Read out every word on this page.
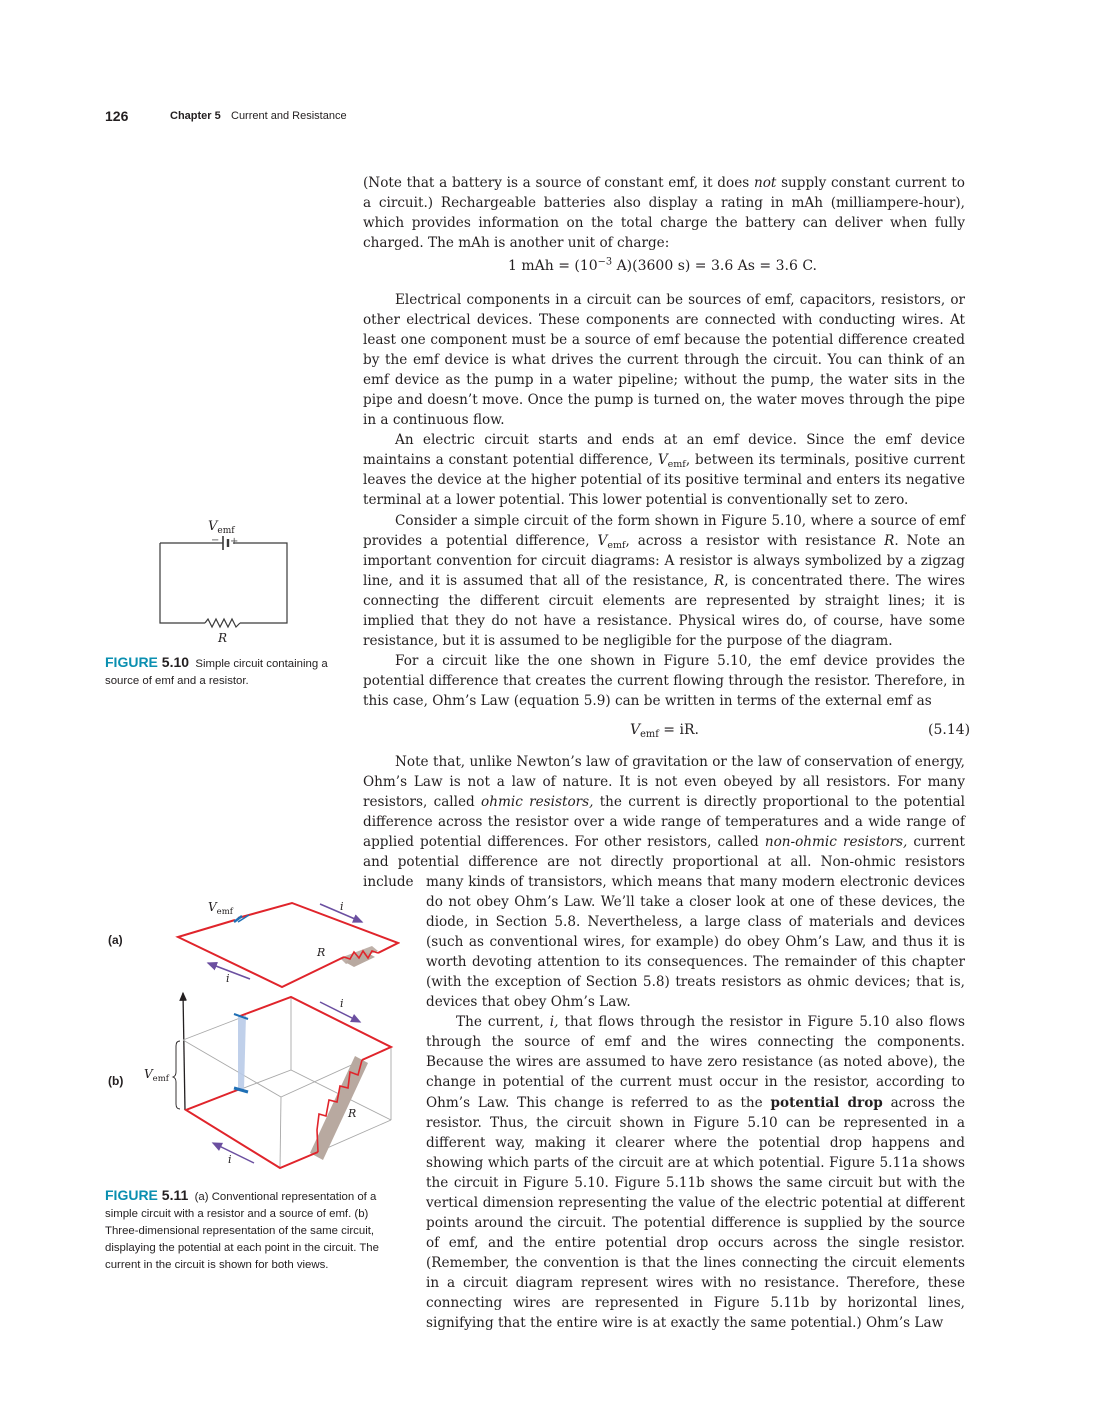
126	Chapter 5 Current and Resistance

(Note that a battery is a source of constant emf, it does not supply constant current to a circuit.) Rechargeable batteries also display a rating in mAh (milliampere-hour), which provides information on the total charge the battery can deliver when fully charged. The mAh is another unit of charge:

1 mAh = ($10^{-3}$ A)(3600 s) = 3.6 As = 3.6 C.

Electrical components in a circuit can be sources of emf, capacitors, resistors, or other electrical devices. These components are connected with conducting wires. At least one component must be a source of emf because the potential difference created by the emf device is what drives the current through the circuit. You can think of an emf device as the pump in a water pipeline; without the pump, the water sits in the pipe and doesn’t move. Once the pump is turned on, the water moves through the pipe in a continuous flow.

An electric circuit starts and ends at an emf device. Since the emf device maintains a constant potential difference, $V_{emf}$, between its terminals, positive current leaves the device at the higher potential of its positive terminal and enters its negative terminal at a lower potential. This lower potential is conventionally set to zero.

Consider a simple circuit of the form shown in Figure 5.10, where a source of emf provides a potential difference, $V_{emf}$, across a resistor with resistance R. Note an important convention for circuit diagrams: A resistor is always symbolized by a zigzag line, and it is assumed that all of the resistance, R, is concentrated there. The wires connecting the different circuit elements are represented by straight lines; it is implied that they do not have a resistance. Physical wires do, of course, have some resistance, but it is assumed to be negligible for the purpose of the diagram.

For a circuit like the one shown in Figure 5.10, the emf device provides the potential difference that creates the current flowing through the resistor. Therefore, in this case, Ohm’s Law (equation 5.9) can be written in terms of the external emf as

$V_{emf}$ = iR.	(5.14)

Note that, unlike Newton’s law of gravitation or the law of conservation of energy, Ohm’s Law is not a law of nature. It is not even obeyed by all resistors. For many resistors, called ohmic resistors, the current is directly proportional to the potential difference across the resistor over a wide range of temperatures and a wide range of applied potential differences. For other resistors, called non-ohmic resistors, current and potential difference are not directly proportional at all. Non-ohmic resistors include many kinds of transistors, which means that many modern electronic devices do not obey Ohm’s Law. We’ll take a closer look at one of these devices, the diode, in Section 5.8. Nevertheless, a large class of materials and devices (such as conventional wires, for example) do obey Ohm’s Law, and thus it is worth devoting attention to its consequences. The remainder of this chapter (with the exception of Section 5.8) treats resistors as ohmic devices; that is, devices that obey Ohm’s Law.

The current, i, that flows through the resistor in Figure 5.10 also flows through the source of emf and the wires connecting the components. Because the wires are assumed to have zero resistance (as noted above), the change in potential of the current must occur in the resistor, according to Ohm’s Law. This change is referred to as the potential drop across the resistor. Thus, the circuit shown in Figure 5.10 can be represented in a different way, making it clearer where the potential drop happens and showing which parts of the circuit are at which potential. Figure 5.11a shows the circuit in Figure 5.10. Figure 5.11b shows the same circuit but with the vertical dimension representing the value of the electric potential at different points around the circuit. The potential difference is supplied by the source of emf, and the entire potential drop occurs across the single resistor. (Remember, the convention is that the lines connecting the circuit elements in a circuit diagram represent wires with no resistance. Therefore, these connecting wires are represented in Figure 5.11b by horizontal lines, signifying that the entire wire is at exactly the same potential.) Ohm’s Law

$V_{emf}$
− +
R
FIGURE 5.10 Simple circuit containing a source of emf and a resistor.
(a)
(b)
$V_{emf}$	i
i
R
$V_{emf}$
i
i
R
FIGURE 5.11 (a) Conventional representation of a simple circuit with a resistor and a source of emf. (b) Three-dimensional representation of the same circuit, displaying the potential at each point in the circuit. The current in the circuit is shown for both views.
